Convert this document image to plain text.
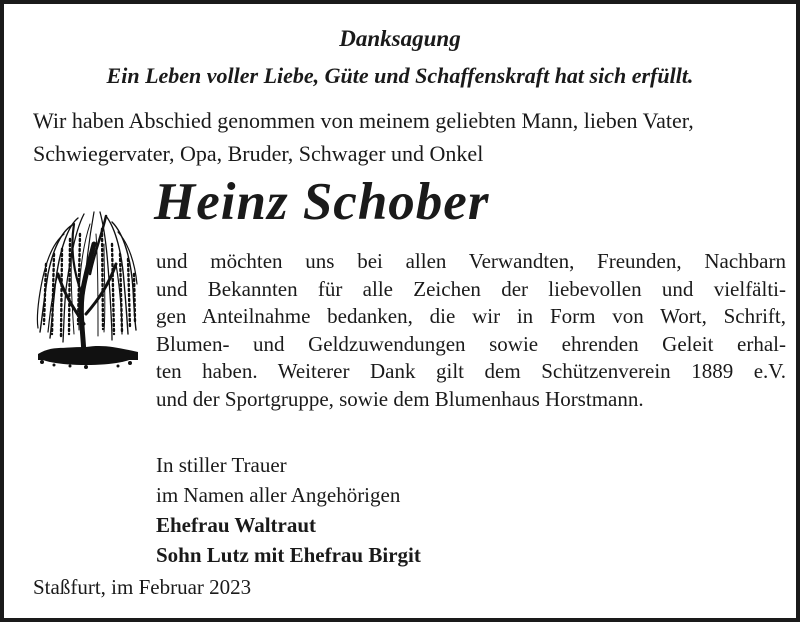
Danksagung
Ein Leben voller Liebe, Güte und Schaffenskraft hat sich erfüllt.
Wir haben Abschied genommen von meinem geliebten Mann, lieben Vater,
Schwiegervater, Opa, Bruder, Schwager und Onkel
Heinz Schober
und möchten uns bei allen Verwandten, Freunden, Nachbarn
und Bekannten für alle Zeichen der liebevollen und vielfälti-
gen Anteilnahme bedanken, die wir in Form von Wort, Schrift,
Blumen- und Geldzuwendungen sowie ehrenden Geleit erhal-
ten haben. Weiterer Dank gilt dem Schützenverein 1889 e.V.
und der Sportgruppe, sowie dem Blumenhaus Horstmann.
In stiller Trauer
im Namen aller Angehörigen
Ehefrau Waltraut
Sohn Lutz mit Ehefrau Birgit
Staßfurt, im Februar 2023
